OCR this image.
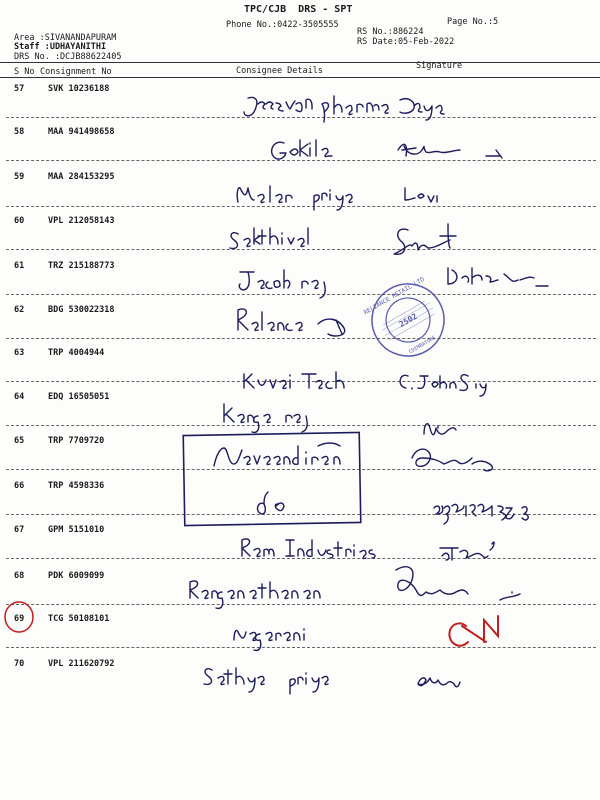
TPC/CJB  DRS - SPT
Phone No.:0422-3505555	Page No.:5
Area :SIVANANDAPURAM
Staff :UDHAYANITHI
DRS No. :DCJB88622405
RS No.:886224
RS Date:05-Feb-2022
S No Consignment No	Consignee Details	Signature
57	SVK 10236188
58	MAA 941498658
59	MAA 284153295
60	VPL 212058143
61	TRZ 215188773
62	BDG 530022318
63	TRP 4004944
64	EDQ 16505051
65	TRP 7709720
66	TRP 4598336
67	GPM 5151010
68	PDK 6009099
69	TCG 50108101
70	VPL 211620792
RELIANCE RETAIL LTD
COIMBATORE
2502
